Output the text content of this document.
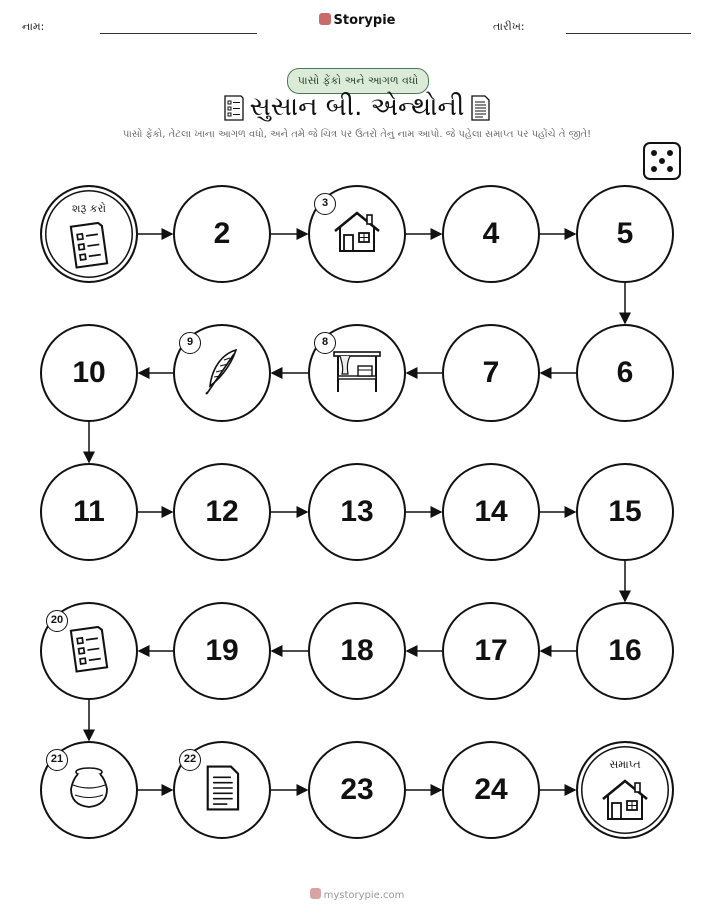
નામ:	Storypie	તારીખ:
પાસો ફેંકો અને આગળ વધો
સુસાન બી. એન્થોની
પાસો ફેંકો, તેટલા ખાના આગળ વધો, અને તમે જે ચિત્ર પર ઉતરો તેનું નામ આપો. જે પહેલા સમાપ્ત પર પહોંચે તે જીતે!
શરૂ કરો
2
3
4	5
6
7
8
9
10
11	12	13	14	15
16
17
18
19
20
21	22
23	24
સમાપ્ત
mystorypie.com
